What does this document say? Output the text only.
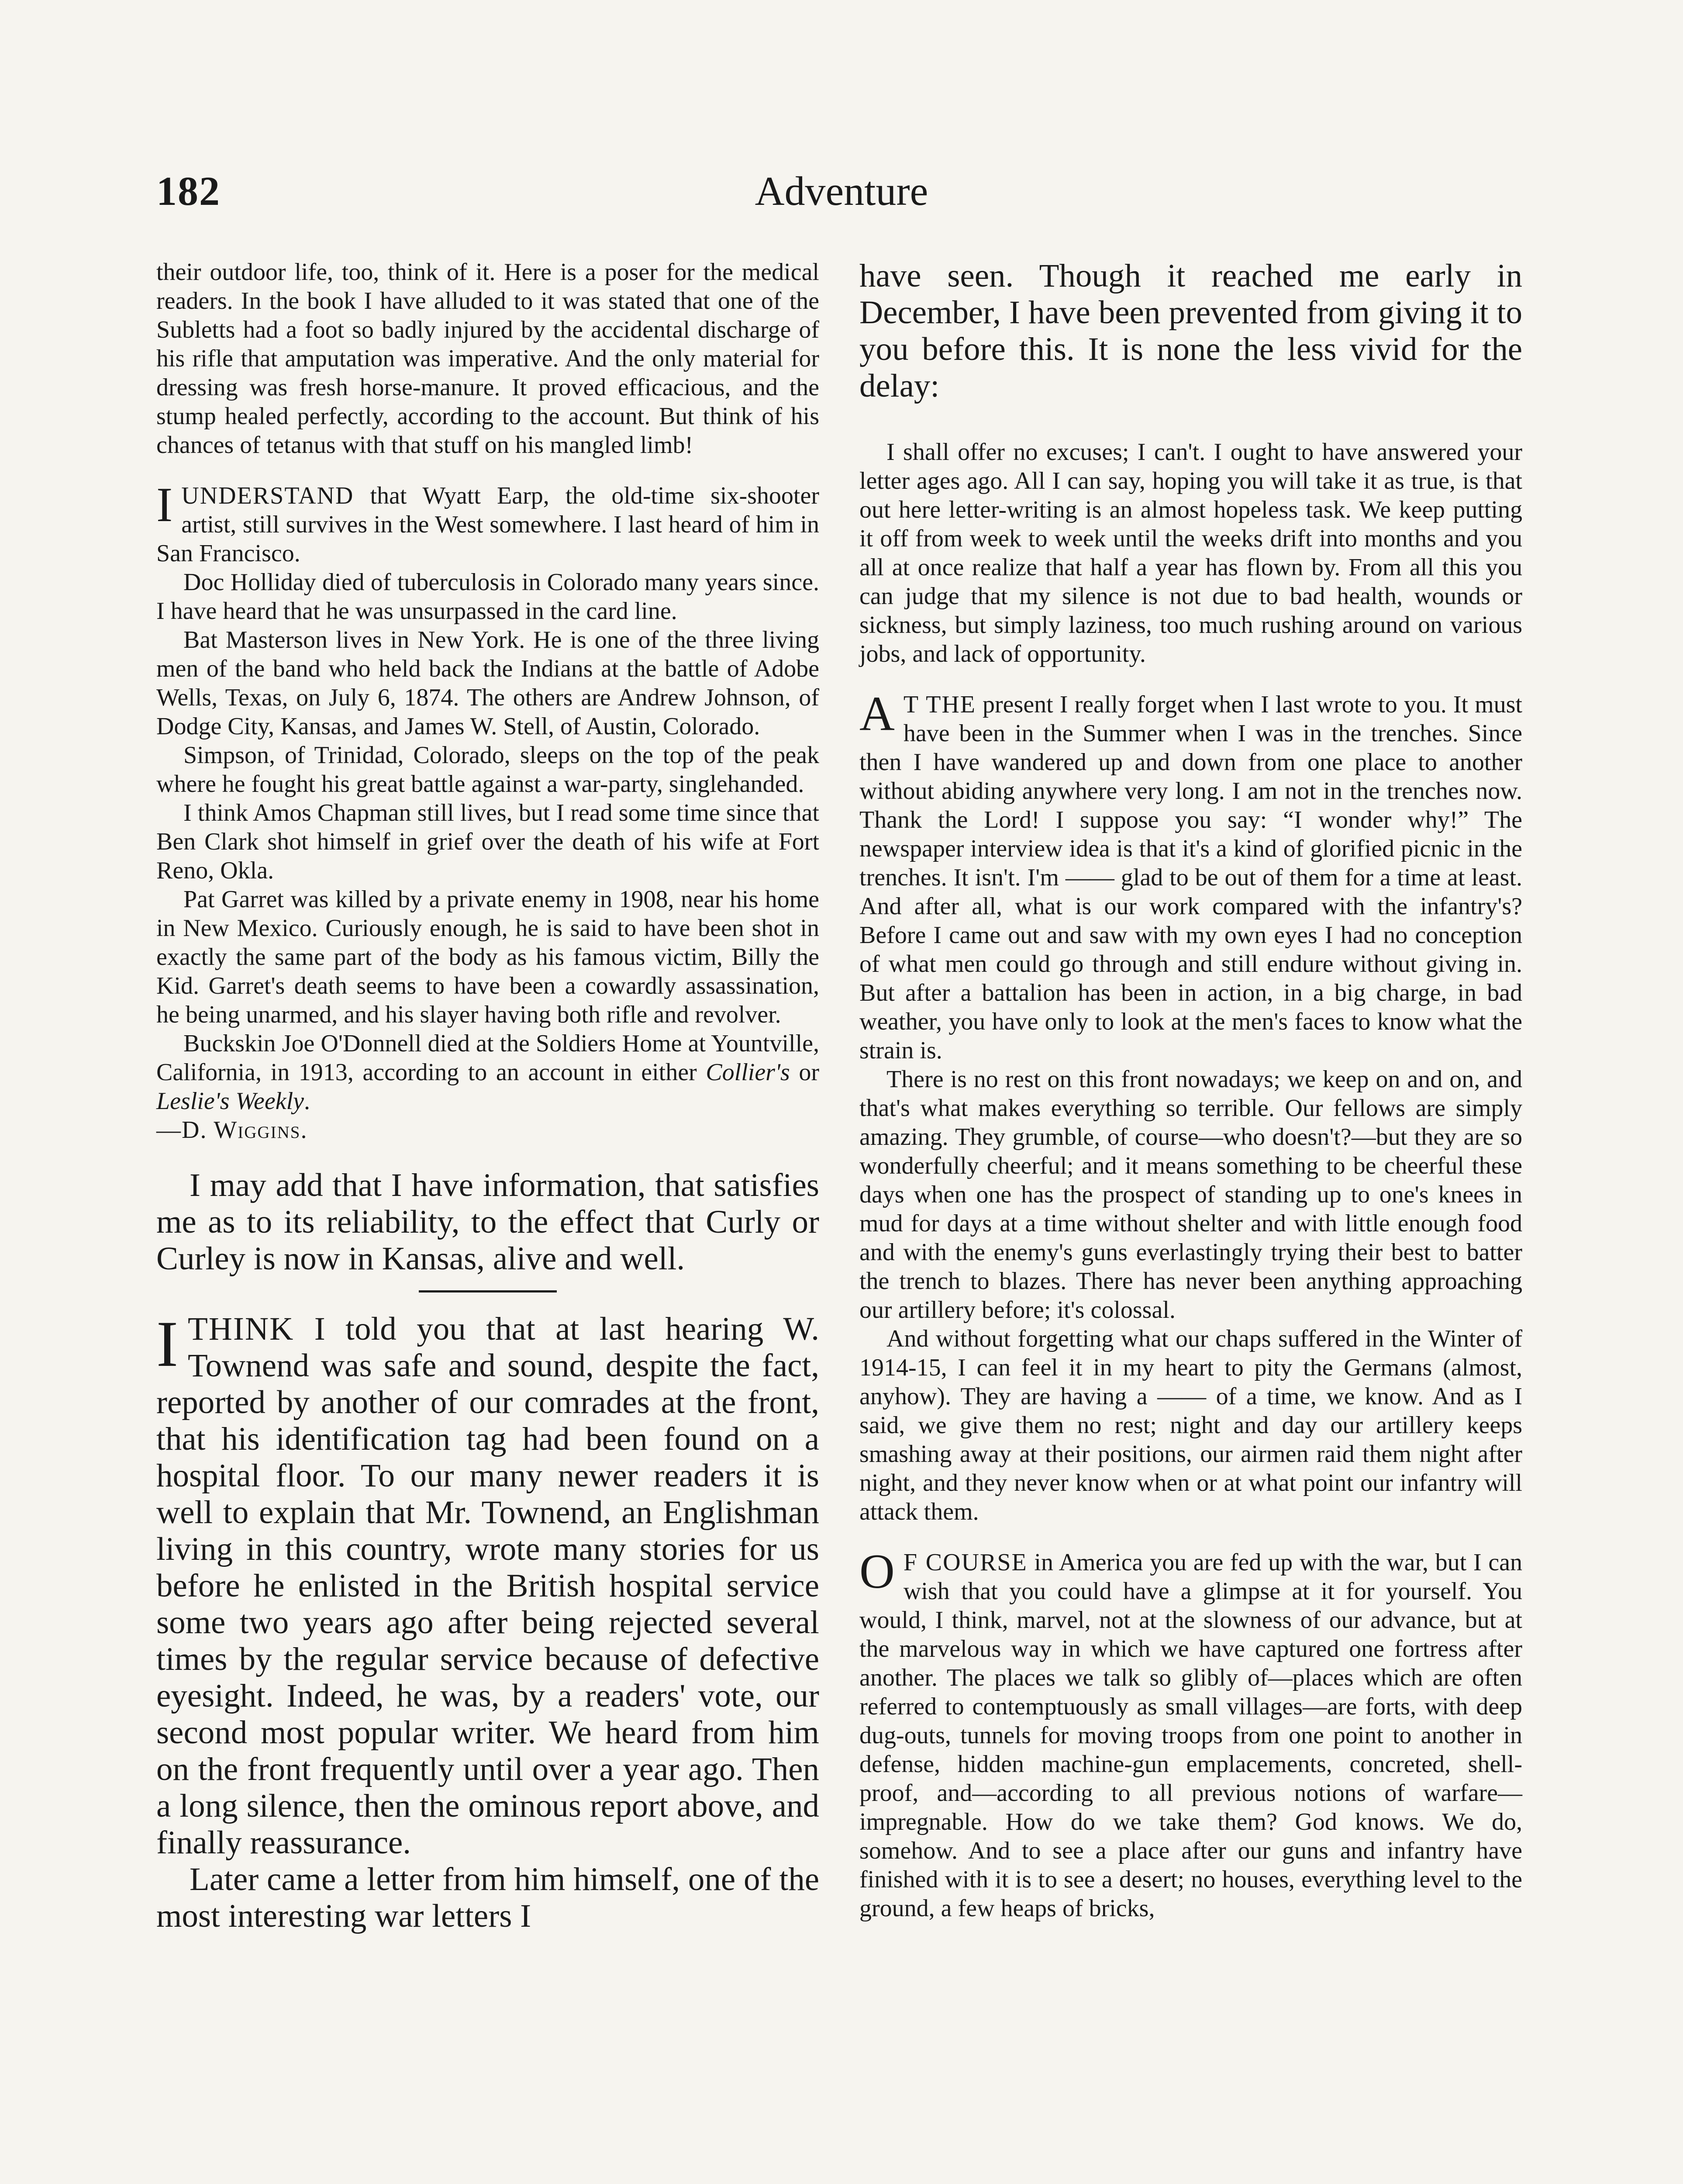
182	Adventure

their outdoor life, too, think of it. Here is a poser for the medical readers. In the book I have alluded to it was stated that one of the Subletts had a foot so badly injured by the accidental discharge of his rifle that amputation was imperative. And the only material for dressing was fresh horse-manure. It proved efficacious, and the stump healed perfectly, according to the account. But think of his chances of tetanus with that stuff on his mangled limb!

IUNDERSTAND that Wyatt Earp, the old-time six-shooter artist, still survives in the West somewhere. I last heard of him in San Francisco.

Doc Holliday died of tuberculosis in Colorado many years since. I have heard that he was unsurpassed in the card line.

Bat Masterson lives in New York. He is one of the three living men of the band who held back the Indians at the battle of Adobe Wells, Texas, on July 6, 1874. The others are Andrew Johnson, of Dodge City, Kansas, and James W. Stell, of Austin, Colorado.

Simpson, of Trinidad, Colorado, sleeps on the top of the peak where he fought his great battle against a war-party, singlehanded.

I think Amos Chapman still lives, but I read some time since that Ben Clark shot himself in grief over the death of his wife at Fort Reno, Okla.

Pat Garret was killed by a private enemy in 1908, near his home in New Mexico. Curiously enough, he is said to have been shot in exactly the same part of the body as his famous victim, Billy the Kid. Garret's death seems to have been a cowardly assassination, he being unarmed, and his slayer having both rifle and revolver.

Buckskin Joe O'Donnell died at the Soldiers Home at Yountville, California, in 1913, according to an account in either Collier's or Leslie's Weekly.

—D. Wiggins.

I may add that I have information, that satisfies me as to its reliability, to the effect that Curly or Curley is now in Kansas, alive and well.

ITHINK I told you that at last hearing W. Townend was safe and sound, despite the fact, reported by another of our comrades at the front, that his identification tag had been found on a hospital floor. To our many newer readers it is well to explain that Mr. Townend, an Englishman living in this country, wrote many stories for us before he enlisted in the British hospital service some two years ago after being rejected several times by the regular service because of defective eyesight. Indeed, he was, by a readers' vote, our second most popular writer. We heard from him on the front frequently until over a year ago. Then a long silence, then the ominous report above, and finally reassurance.

Later came a letter from him himself, one of the most interesting war letters I

have seen. Though it reached me early in December, I have been prevented from giving it to you before this. It is none the less vivid for the delay:

I shall offer no excuses; I can't. I ought to have answered your letter ages ago. All I can say, hoping you will take it as true, is that out here letter-writing is an almost hopeless task. We keep putting it off from week to week until the weeks drift into months and you all at once realize that half a year has flown by. From all this you can judge that my silence is not due to bad health, wounds or sickness, but simply laziness, too much rushing around on various jobs, and lack of opportunity.

A T THE present I really forget when I last wrote to you. It must have been in the Summer when I was in the trenches. Since then I have wandered up and down from one place to another without abiding anywhere very long. I am not in the trenches now. Thank the Lord! I suppose you say: “I wonder why!” The newspaper interview idea is that it's a kind of glorified picnic in the trenches. It isn't. I'm —— glad to be out of them for a time at least. And after all, what is our work compared with the infantry's? Before I came out and saw with my own eyes I had no conception of what men could go through and still endure without giving in. But after a battalion has been in action, in a big charge, in bad weather, you have only to look at the men's faces to know what the strain is.

There is no rest on this front nowadays; we keep on and on, and that's what makes everything so terrible. Our fellows are simply amazing. They grumble, of course—who doesn't?—but they are so wonderfully cheerful; and it means something to be cheerful these days when one has the prospect of standing up to one's knees in mud for days at a time without shelter and with little enough food and with the enemy's guns everlastingly trying their best to batter the trench to blazes. There has never been anything approaching our artillery before; it's colossal.

And without forgetting what our chaps suffered in the Winter of 1914-15, I can feel it in my heart to pity the Germans (almost, anyhow). They are having a —— of a time, we know. And as I said, we give them no rest; night and day our artillery keeps smashing away at their positions, our airmen raid them night after night, and they never know when or at what point our infantry will attack them.

O F COURSE in America you are fed up with the war, but I can wish that you could have a glimpse at it for yourself. You would, I think, marvel, not at the slowness of our advance, but at the marvelous way in which we have captured one fortress after another. The places we talk so glibly of—places which are often referred to contemptuously as small villages—are forts, with deep dug-outs, tunnels for moving troops from one point to another in defense, hidden machine-gun emplacements, concreted, shell-proof, and—according to all previous notions of warfare—impregnable. How do we take them? God knows. We do, somehow. And to see a place after our guns and infantry have finished with it is to see a desert; no houses, everything level to the ground, a few heaps of bricks,
